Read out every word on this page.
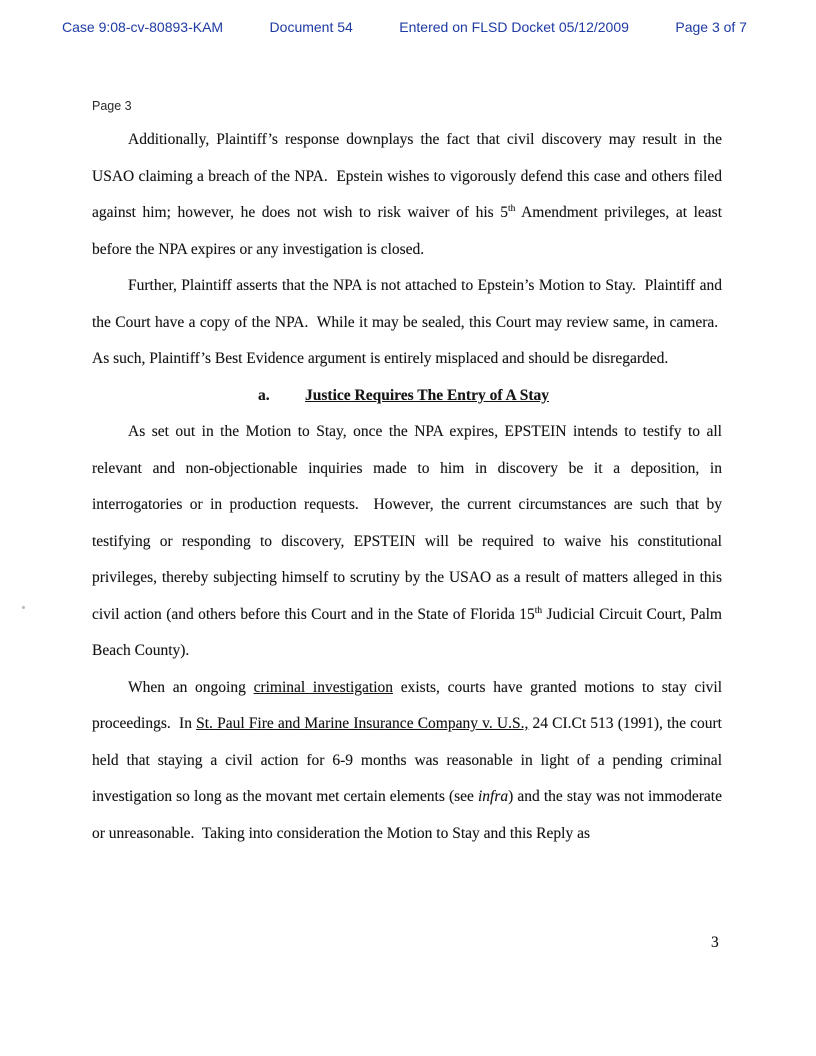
Case 9:08-cv-80893-KAM	Document 54	Entered on FLSD Docket 05/12/2009	Page 3 of 7
Page 3

Additionally, Plaintiff’s response downplays the fact that civil discovery may result in the USAO claiming a breach of the NPA.  Epstein wishes to vigorously defend this case and others filed against him; however, he does not wish to risk waiver of his 5th Amendment privileges, at least before the NPA expires or any investigation is closed.

Further, Plaintiff asserts that the NPA is not attached to Epstein’s Motion to Stay.  Plaintiff and the Court have a copy of the NPA.  While it may be sealed, this Court may review same, in camera.  As such, Plaintiff’s Best Evidence argument is entirely misplaced and should be disregarded.

a. Justice Requires The Entry of A Stay

As set out in the Motion to Stay, once the NPA expires, EPSTEIN intends to testify to all relevant and non-objectionable inquiries made to him in discovery be it a deposition, in interrogatories or in production requests.  However, the current circumstances are such that by testifying or responding to discovery, EPSTEIN will be required to waive his constitutional privileges, thereby subjecting himself to scrutiny by the USAO as a result of matters alleged in this civil action (and others before this Court and in the State of Florida 15th Judicial Circuit Court, Palm Beach County).

When an ongoing criminal investigation exists, courts have granted motions to stay civil proceedings.  In St. Paul Fire and Marine Insurance Company v. U.S., 24 CI.Ct 513 (1991), the court held that staying a civil action for 6-9 months was reasonable in light of a pending criminal investigation so long as the movant met certain elements (see infra) and the stay was not immoderate or unreasonable.  Taking into consideration the Motion to Stay and this Reply as

3
